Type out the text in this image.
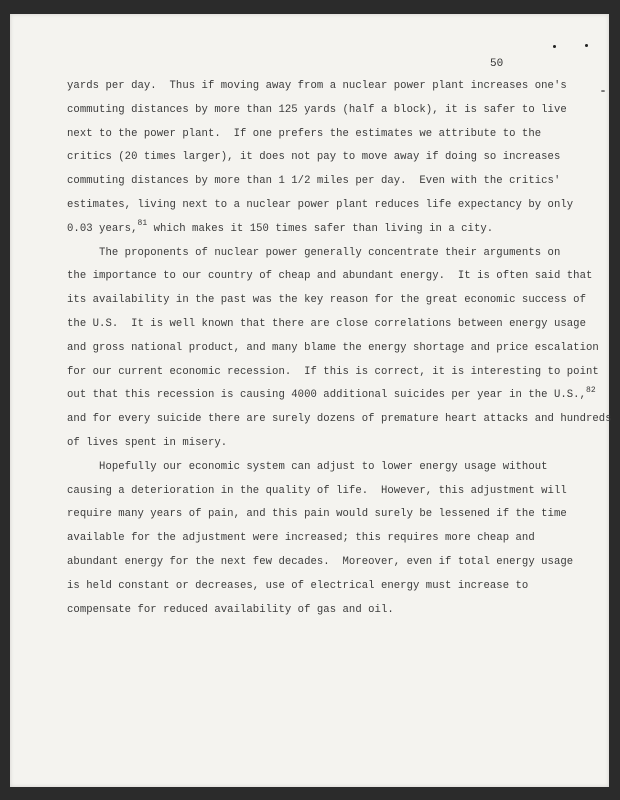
50
yards per day.  Thus if moving away from a nuclear power plant increases one's
commuting distances by more than 125 yards (half a block), it is safer to live
next to the power plant.  If one prefers the estimates we attribute to the
critics (20 times larger), it does not pay to move away if doing so increases
commuting distances by more than 1 1/2 miles per day.  Even with the critics'
estimates, living next to a nuclear power plant reduces life expectancy by only
0.03 years,$^{81}$ which makes it 150 times safer than living in a city.
The proponents of nuclear power generally concentrate their arguments on
the importance to our country of cheap and abundant energy.  It is often said that
its availability in the past was the key reason for the great economic success of
the U.S.  It is well known that there are close correlations between energy usage
and gross national product, and many blame the energy shortage and price escalation
for our current economic recession.  If this is correct, it is interesting to point
out that this recession is causing 4000 additional suicides per year in the U.S.,$^{82}$
and for every suicide there are surely dozens of premature heart attacks and hundreds
of lives spent in misery.
Hopefully our economic system can adjust to lower energy usage without
causing a deterioration in the quality of life.  However, this adjustment will
require many years of pain, and this pain would surely be lessened if the time
available for the adjustment were increased; this requires more cheap and
abundant energy for the next few decades.  Moreover, even if total energy usage
is held constant or decreases, use of electrical energy must increase to
compensate for reduced availability of gas and oil.
